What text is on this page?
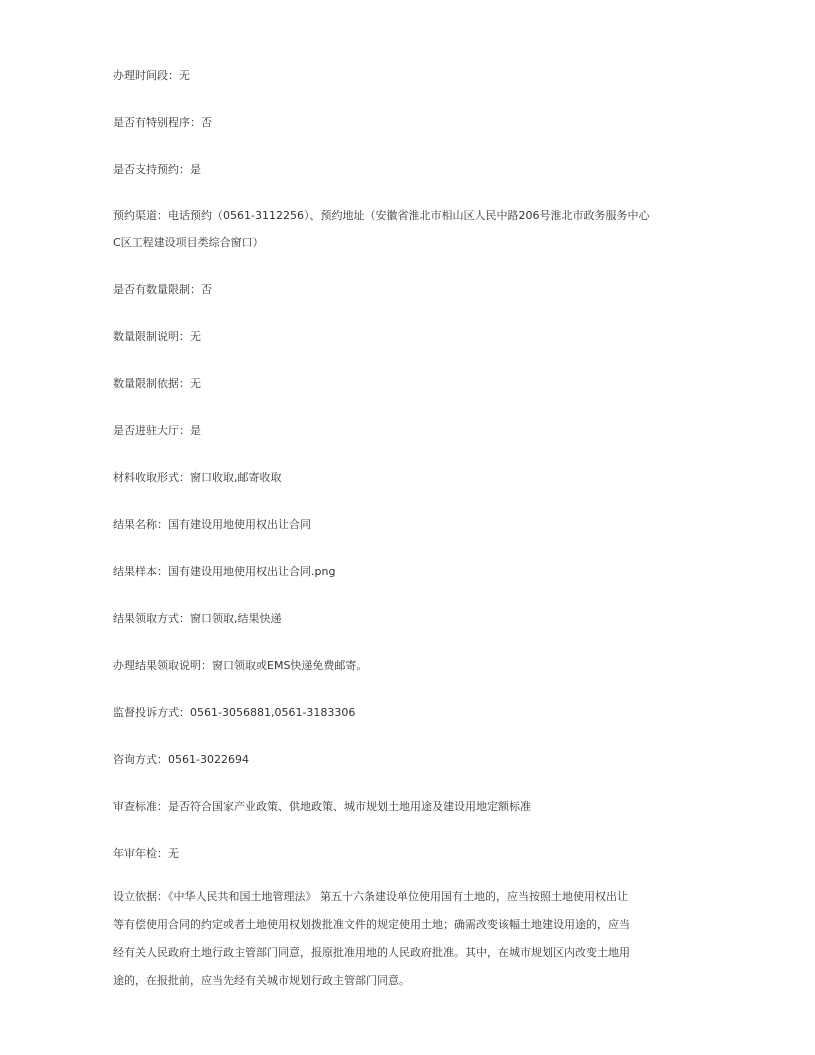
办理时间段：无
是否有特别程序：否
是否支持预约：是
预约渠道：电话预约（0561-3112256）、预约地址（安徽省淮北市相山区人民中路206号淮北市政务服务中心
C区工程建设项目类综合窗口）
是否有数量限制：否
数量限制说明：无
数量限制依据：无
是否进驻大厅：是
材料收取形式：窗口收取,邮寄收取
结果名称：国有建设用地使用权出让合同
结果样本：国有建设用地使用权出让合同.png
结果领取方式：窗口领取,结果快递
办理结果领取说明：窗口领取或EMS快递免费邮寄。
监督投诉方式：0561-3056881,0561-3183306
咨询方式：0561-3022694
审查标准：是否符合国家产业政策、供地政策、城市规划土地用途及建设用地定额标准
年审年检：无
设立依据：《中华人民共和国土地管理法》 第五十六条建设单位使用国有土地的，应当按照土地使用权出让
等有偿使用合同的约定或者土地使用权划拨批准文件的规定使用土地；确需改变该幅土地建设用途的，应当
经有关人民政府土地行政主管部门同意，报原批准用地的人民政府批准。其中，在城市规划区内改变土地用
途的，在报批前，应当先经有关城市规划行政主管部门同意。
